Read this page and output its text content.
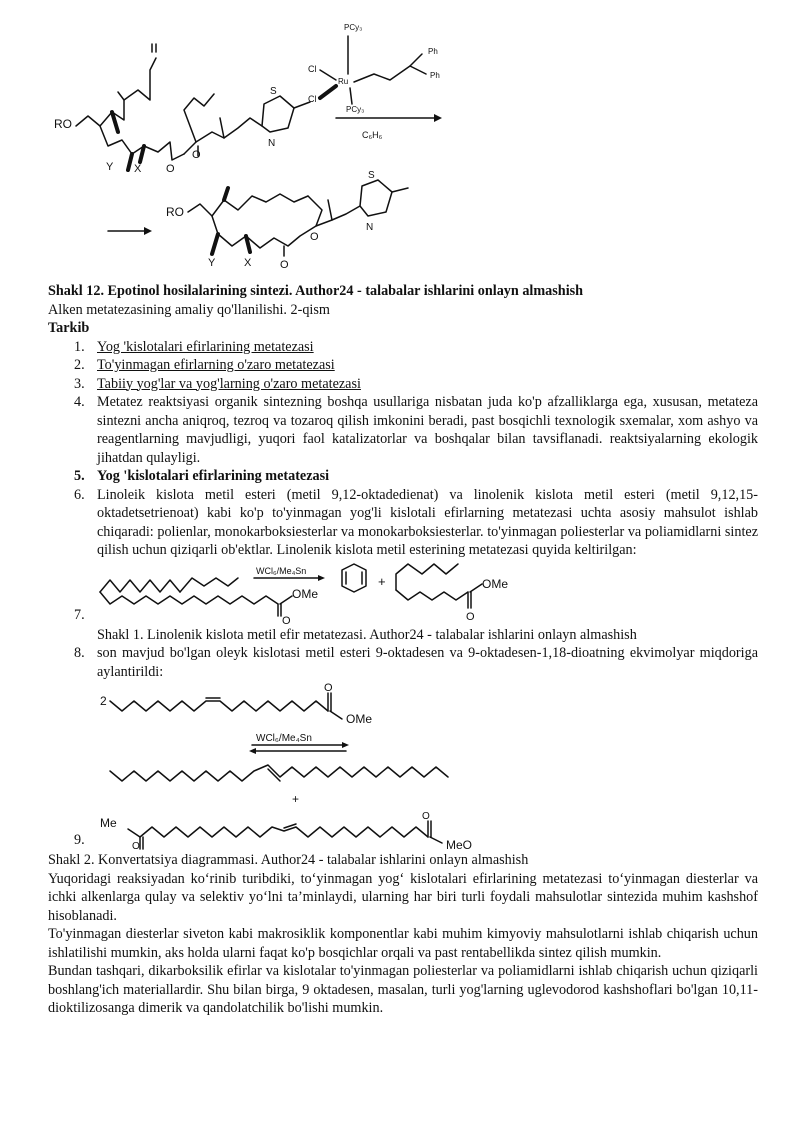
RO
Y X O
O
S
N
PCy₃
Cl
Ru
Cl
PCy₃
Ph
Ph
C₆H₆
RO
Y	X	O
O
S
N

Shakl 12. Epotinol hosilalarining sintezi. Author24 - talabalar ishlarini onlayn almashish

Alken metatezasining amaliy qo'llanilishi. 2-qism

Tarkib

1. Yog 'kislotalari efirlarining metatezasi
2. To'yinmagan efirlarning o'zaro metatezasi
3. Tabiiy yog'lar va yog'larning o'zaro metatezasi
4. Metatez reaktsiyasi organik sintezning boshqa usullariga nisbatan juda ko'p afzalliklarga ega, xususan, metateza sintezni ancha aniqroq, tezroq va tozaroq qilish imkonini beradi, past bosqichli texnologik sxemalar, xom ashyo va reagentlarning mavjudligi, yuqori faol katalizatorlar va boshqalar bilan tavsiflanadi. reaktsiyalarning ekologik jihatdan qulayligi.
5. Yog 'kislotalari efirlarining metatezasi
6. Linoleik kislota metil esteri (metil 9,12-oktadedienat) va linolenik kislota metil esteri (metil 9,12,15-oktadetsetrienoat) kabi ko'p to'yinmagan yog'li kislotali efirlarning metatezasi uchta asosiy mahsulot ishlab chiqaradi: polienlar, monokarboksiesterlar va monokarboksiesterlar. to'yinmagan poliesterlar va poliamidlarni sintez qilish uchun qiziqarli ob'ektlar. Linolenik kislota metil esterining metatezasi quyida keltirilgan:
7.	O
OMe
WCl₆/Me₄Sn
+	OMe
O

Shakl 1. Linolenik kislota metil efir metatezasi. Author24 - talabalar ishlarini onlayn almashish

8. son mavjud bo'lgan oleyk kislotasi metil esteri 9-oktadesen va 9-oktadesen-1,18-dioatning ekvimolyar miqdoriga aylantirildi:
9.
2
O
OMe
WCl₆/Me₄Sn
+
Me
O
O
MeO

Shakl 2. Konvertatsiya diagrammasi. Author24 - talabalar ishlarini onlayn almashish

Yuqoridagi reaksiyadan ko‘rinib turibdiki, to‘yinmagan yog‘ kislotalari efirlarining metatezasi to‘yinmagan diesterlar va ichki alkenlarga qulay va selektiv yo‘lni ta’minlaydi, ularning har biri turli foydali mahsulotlar sintezida muhim kashshof hisoblanadi.

To'yinmagan diesterlar siveton kabi makrosiklik komponentlar kabi muhim kimyoviy mahsulotlarni ishlab chiqarish uchun ishlatilishi mumkin, aks holda ularni faqat ko'p bosqichlar orqali va past rentabellikda sintez qilish mumkin.

Bundan tashqari, dikarboksilik efirlar va kislotalar to'yinmagan poliesterlar va poliamidlarni ishlab chiqarish uchun qiziqarli boshlang'ich materiallardir. Shu bilan birga, 9 oktadesen, masalan, turli yog'larning uglevodorod kashshoflari bo'lgan 10,11-dioktilizosanga dimerik va qandolatchilik bo'lishi mumkin.
